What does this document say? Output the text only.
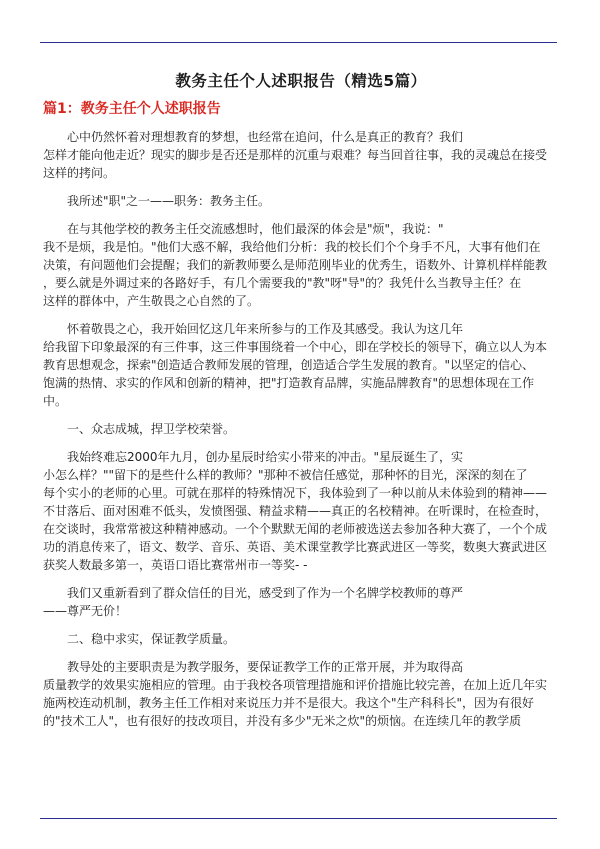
教务主任个人述职报告（精选5篇）
篇1：教务主任个人述职报告

心中仍然怀着对理想教育的梦想，也经常在追问，什么是真正的教育？我们
怎样才能向他走近？现实的脚步是否还是那样的沉重与艰难？每当回首往事，我的灵魂总在接受
这样的拷问。

我所述"职"之一——职务：教务主任。

在与其他学校的教务主任交流感想时，他们最深的体会是"烦"，我说："
我不是烦，我是怕。"他们大惑不解，我给他们分析：我的校长们个个身手不凡，大事有他们在
决策，有问题他们会提醒；我们的新教师要么是师范刚毕业的优秀生，语数外、计算机样样能教
，要么就是外调过来的各路好手，有几个需要我的"教"呀"导"的？我凭什么当教导主任？在
这样的群体中，产生敬畏之心自然的了。

怀着敬畏之心，我开始回忆这几年来所参与的工作及其感受。我认为这几年
给我留下印象最深的有三件事，这三件事围绕着一个中心，即在学校长的领导下，确立以人为本
教育思想观念，探索"创造适合教师发展的管理，创造适合学生发展的教育。"以坚定的信心、
饱满的热情、求实的作风和创新的精神，把"打造教育品牌，实施品牌教育"的思想体现在工作
中。

一、众志成城，捍卫学校荣誉。

我始终难忘2000年九月，创办星辰时给实小带来的冲击。"星辰诞生了，实
小怎么样？""留下的是些什么样的教师？"那种不被信任感觉，那种怀的目光，深深的刻在了
每个实小的老师的心里。可就在那样的特殊情况下，我体验到了一种以前从未体验到的精神——
不甘落后、面对困难不低头，发愤图强、精益求精——真正的名校精神。在听课时，在检查时，
在交谈时，我常常被这种精神感动。一个个默默无闻的老师被选送去参加各种大赛了，一个个成
功的消息传来了，语文、数学、音乐、英语、美术课堂教学比赛武进区一等奖，数奥大赛武进区
获奖人数最多第一，英语口语比赛常州市一等奖- -

我们又重新看到了群众信任的目光，感受到了作为一个名牌学校教师的尊严
——尊严无价！

二、稳中求实，保证教学质量。

教导处的主要职责是为教学服务，要保证教学工作的正常开展，并为取得高
质量教学的效果实施相应的管理。由于我校各项管理措施和评价措施比较完善，在加上近几年实
施两校连动机制，教务主任工作相对来说压力并不是很大。我这个"生产科科长"，因为有很好
的"技术工人"，也有很好的技改项目，并没有多少"无米之炊"的烦恼。在连续几年的教学质
